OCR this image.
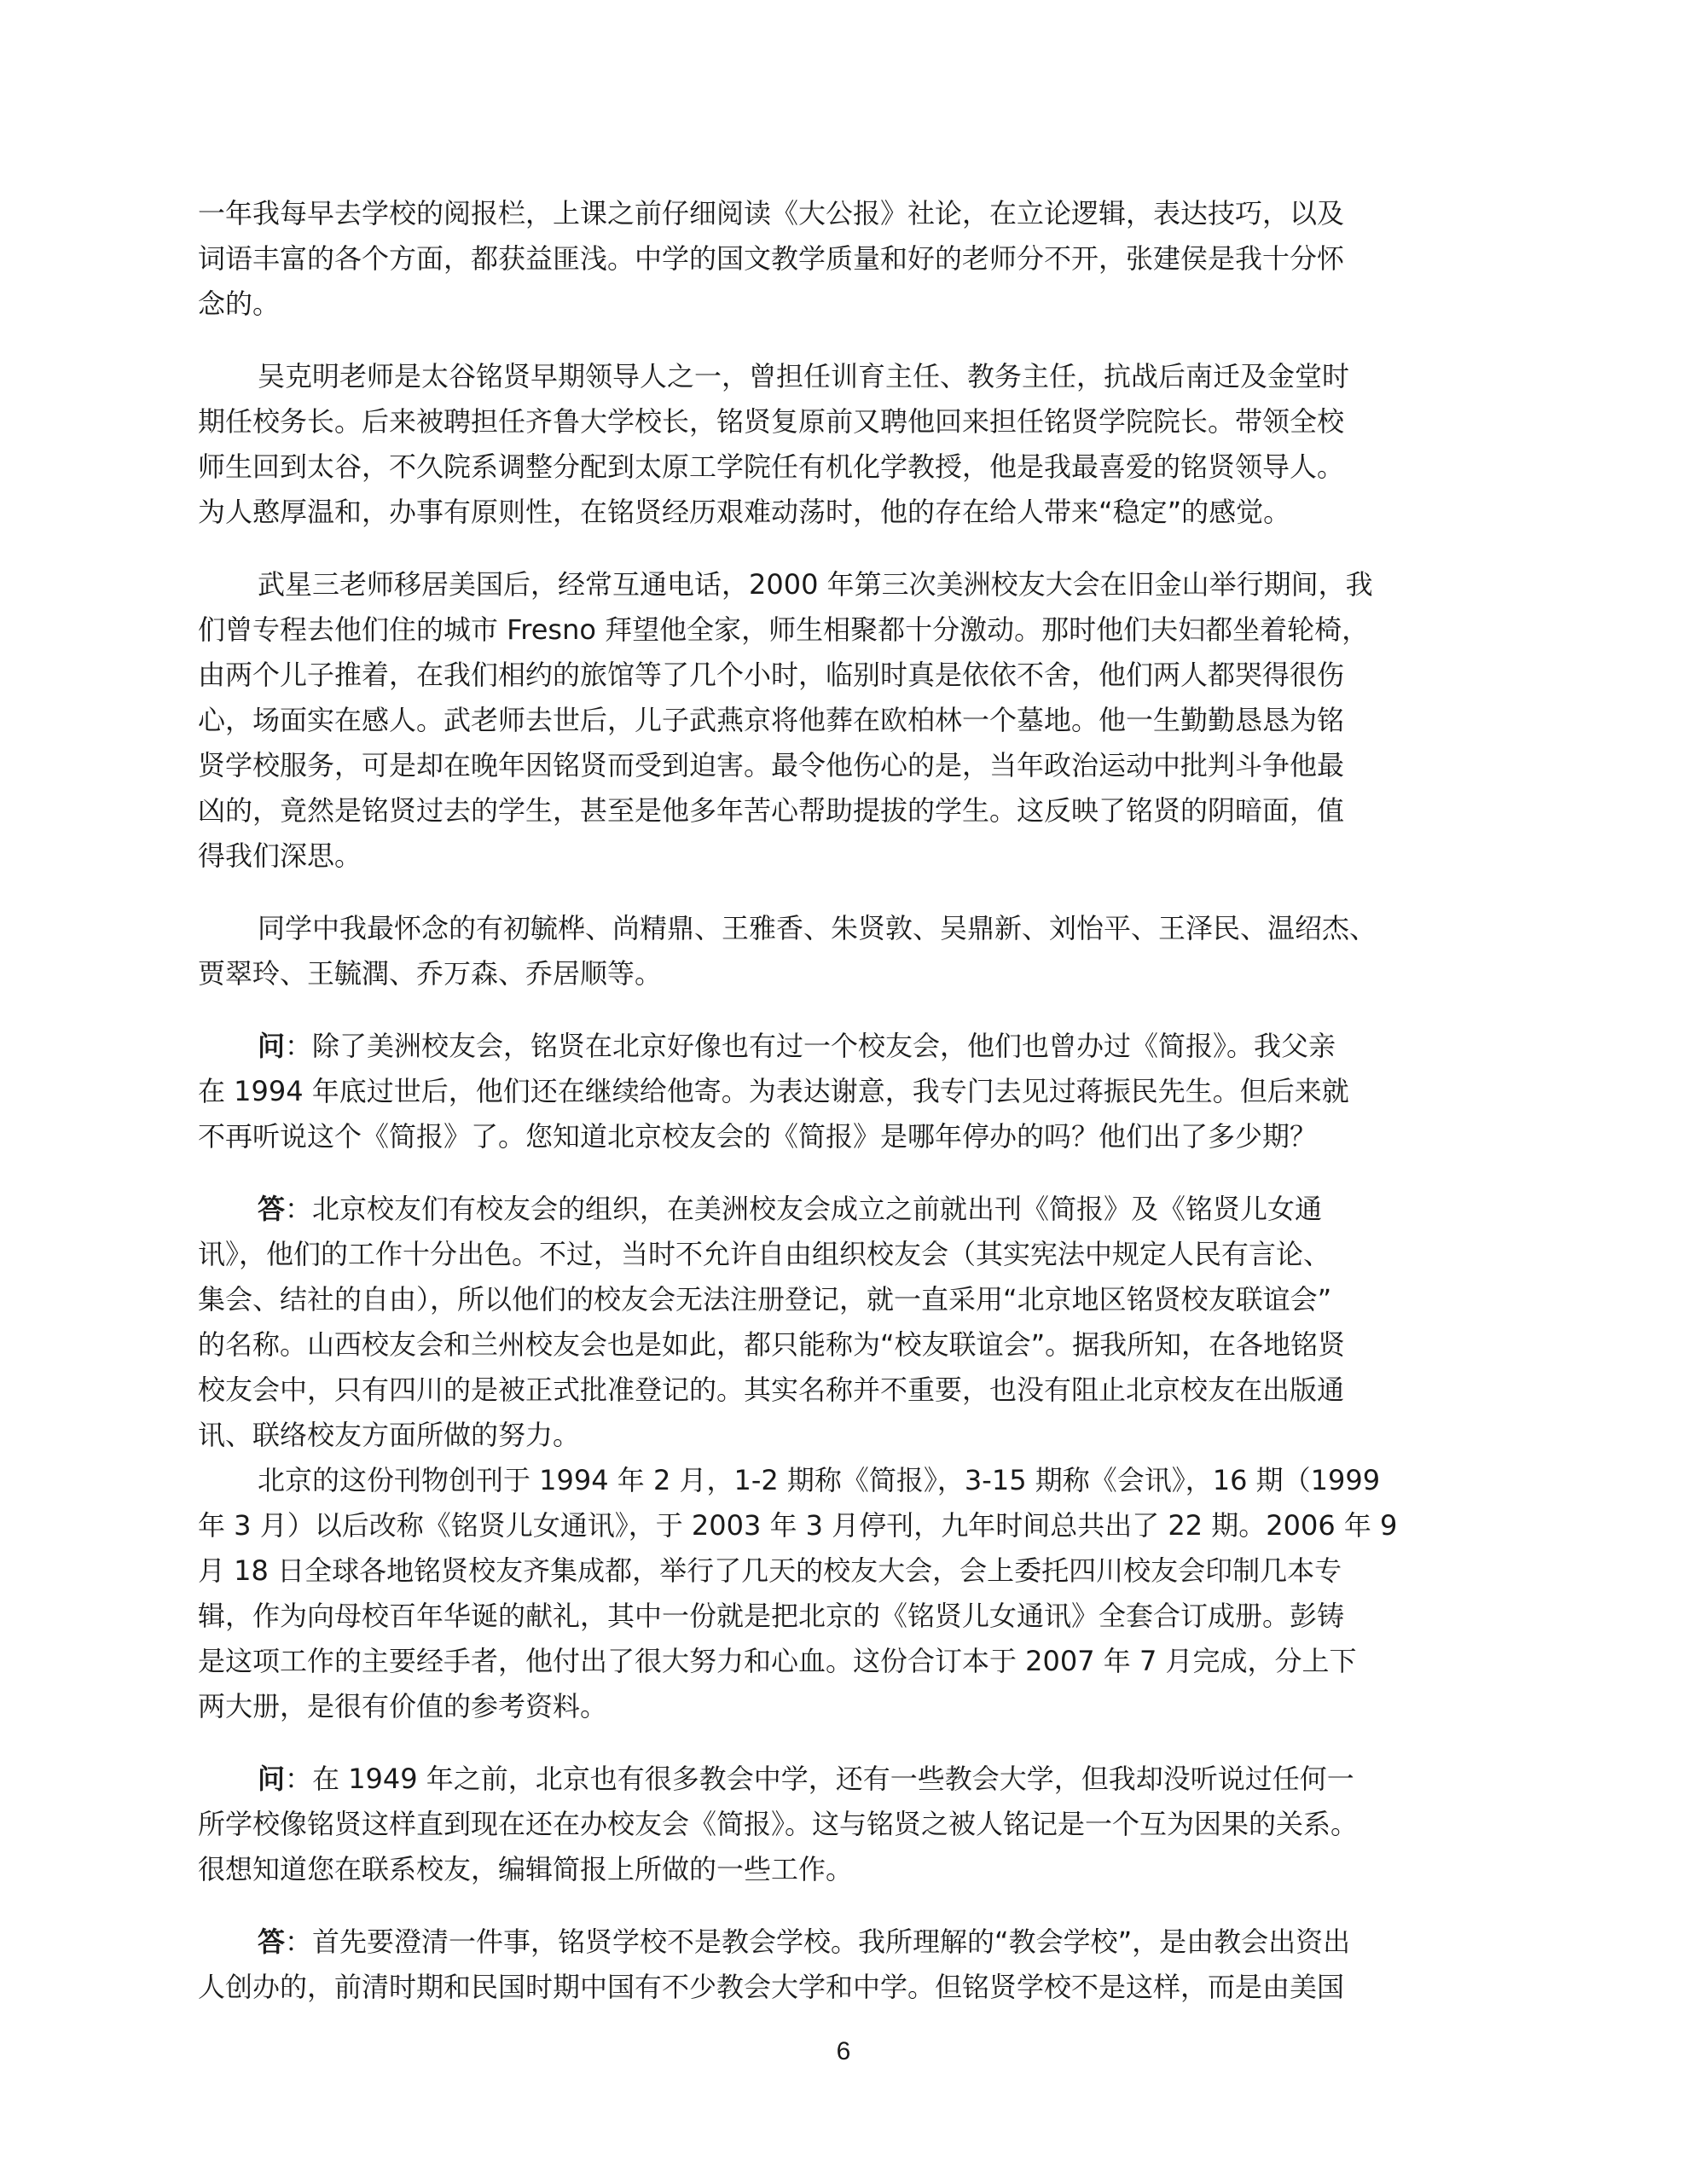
一年我每早去学校的阅报栏，上课之前仔细阅读《大公报》社论，在立论逻辑，表达技巧，以及
词语丰富的各个方面，都获益匪浅。中学的国文教学质量和好的老师分不开，张建侯是我十分怀
念的。
吴克明老师是太谷铭贤早期领导人之一，曾担任训育主任、教务主任，抗战后南迁及金堂时
期任校务长。后来被聘担任齐鲁大学校长，铭贤复原前又聘他回来担任铭贤学院院长。带领全校
师生回到太谷，不久院系调整分配到太原工学院任有机化学教授，他是我最喜爱的铭贤领导人。
为人憨厚温和，办事有原则性，在铭贤经历艰难动荡时，他的存在给人带来“稳定”的感觉。
武星三老师移居美国后，经常互通电话，2000 年第三次美洲校友大会在旧金山举行期间，我
们曾专程去他们住的城市 Fresno 拜望他全家，师生相聚都十分激动。那时他们夫妇都坐着轮椅，
由两个儿子推着，在我们相约的旅馆等了几个小时，临别时真是依依不舍，他们两人都哭得很伤
心，场面实在感人。武老师去世后，儿子武燕京将他葬在欧柏林一个墓地。他一生勤勤恳恳为铭
贤学校服务，可是却在晚年因铭贤而受到迫害。最令他伤心的是，当年政治运动中批判斗争他最
凶的，竟然是铭贤过去的学生，甚至是他多年苦心帮助提拔的学生。这反映了铭贤的阴暗面，值
得我们深思。
同学中我最怀念的有初毓桦、尚精鼎、王雅香、朱贤敦、吴鼎新、刘怡平、王泽民、温绍杰、
贾翠玲、王毓潤、乔万森、乔居顺等。
问：除了美洲校友会，铭贤在北京好像也有过一个校友会，他们也曾办过《简报》。我父亲
在 1994 年底过世后，他们还在继续给他寄。为表达谢意，我专门去见过蒋振民先生。但后来就
不再听说这个《简报》了。您知道北京校友会的《简报》是哪年停办的吗？他们出了多少期？
答：北京校友们有校友会的组织，在美洲校友会成立之前就出刊《简报》及《铭贤儿女通
讯》，他们的工作十分出色。不过，当时不允许自由组织校友会（其实宪法中规定人民有言论、
集会、结社的自由），所以他们的校友会无法注册登记，就一直采用“北京地区铭贤校友联谊会”
的名称。山西校友会和兰州校友会也是如此，都只能称为“校友联谊会”。据我所知，在各地铭贤
校友会中，只有四川的是被正式批准登记的。其实名称并不重要，也没有阻止北京校友在出版通
讯、联络校友方面所做的努力。
北京的这份刊物创刊于 1994 年 2 月，1-2 期称《简报》，3-15 期称《会讯》，16 期（1999
年 3 月）以后改称《铭贤儿女通讯》，于 2003 年 3 月停刊，九年时间总共出了 22 期。2006 年 9
月 18 日全球各地铭贤校友齐集成都，举行了几天的校友大会，会上委托四川校友会印制几本专
辑，作为向母校百年华诞的献礼，其中一份就是把北京的《铭贤儿女通讯》全套合订成册。彭铸
是这项工作的主要经手者，他付出了很大努力和心血。这份合订本于 2007 年 7 月完成，分上下
两大册，是很有价值的参考资料。
问：在 1949 年之前，北京也有很多教会中学，还有一些教会大学，但我却没听说过任何一
所学校像铭贤这样直到现在还在办校友会《简报》。这与铭贤之被人铭记是一个互为因果的关系。
很想知道您在联系校友，编辑简报上所做的一些工作。
答：首先要澄清一件事，铭贤学校不是教会学校。我所理解的“教会学校”，是由教会出资出
人创办的，前清时期和民国时期中国有不少教会大学和中学。但铭贤学校不是这样，而是由美国
6
